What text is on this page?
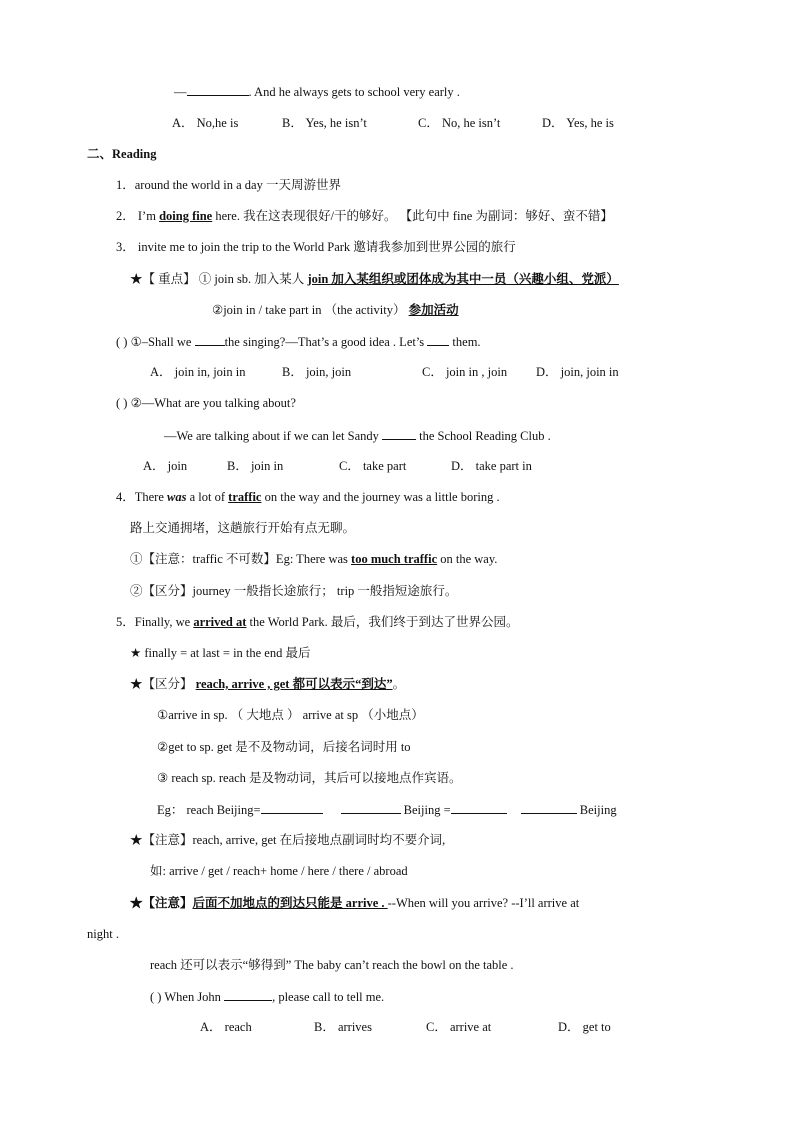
—	. And he always gets to school very early .
A． No,he is	B． Yes, he isn’t	C． No, he isn’t	D． Yes, he is
二、Reading
1．around the world in a day 一天周游世界
2． I’m doing fine here. 我在这表现很好/干的够好。 【此句中 fine 为副词：够好、蛮不错】
3． invite me to join the trip to the World Park 邀请我参加到世界公园的旅行
★【 重点】 ① join sb. 加入某人 join 加入某组织或团体成为其中一员（兴趣小组、党派）
②join in / take part in （the activity） 参加活动
( ) ①–Shall we the singing?—That’s a good idea . Let’s  them.
A． join in, join in	B． join, join	C． join in , join D． join, join in
( ) ②—What are you talking about?
—We are talking about if we can let Sandy	the School Reading Club .
A． join	B． join in	C． take part	D． take part in
4．There was a lot of traffic on the way and the journey was a little boring .
路上交通拥堵，这趟旅行开始有点无聊。
①【注意：traffic 不可数】Eg: There was too much traffic on the way.
②【区分】journey 一般指长途旅行； trip 一般指短途旅行。
5．Finally, we arrived at the World Park. 最后，我们终于到达了世界公园。
★ finally = at last = in the end 最后
★【区分】 reach, arrive , get 都可以表示“到达”。
①arrive in sp. （ 大地点 ） arrive at sp （小地点）
②get to sp. get 是不及物动词，后接名词时用 to
③ reach sp. reach 是及物动词，其后可以接地点作宾语。
Eg： reach Beijing=	Beijing =	Beijing
★【注意】reach, arrive, get 在后接地点副词时均不要介词,
如: arrive / get / reach+ home / here / there / abroad
★【注意】后面不加地点的到达只能是 arrive . --When will you arrive? --I’ll arrive at
night .
reach 还可以表示“够得到” The baby can’t reach the bowl on the table .
( ) When John	, please call to tell me.
A． reach	B． arrives	C． arrive at	D． get to
